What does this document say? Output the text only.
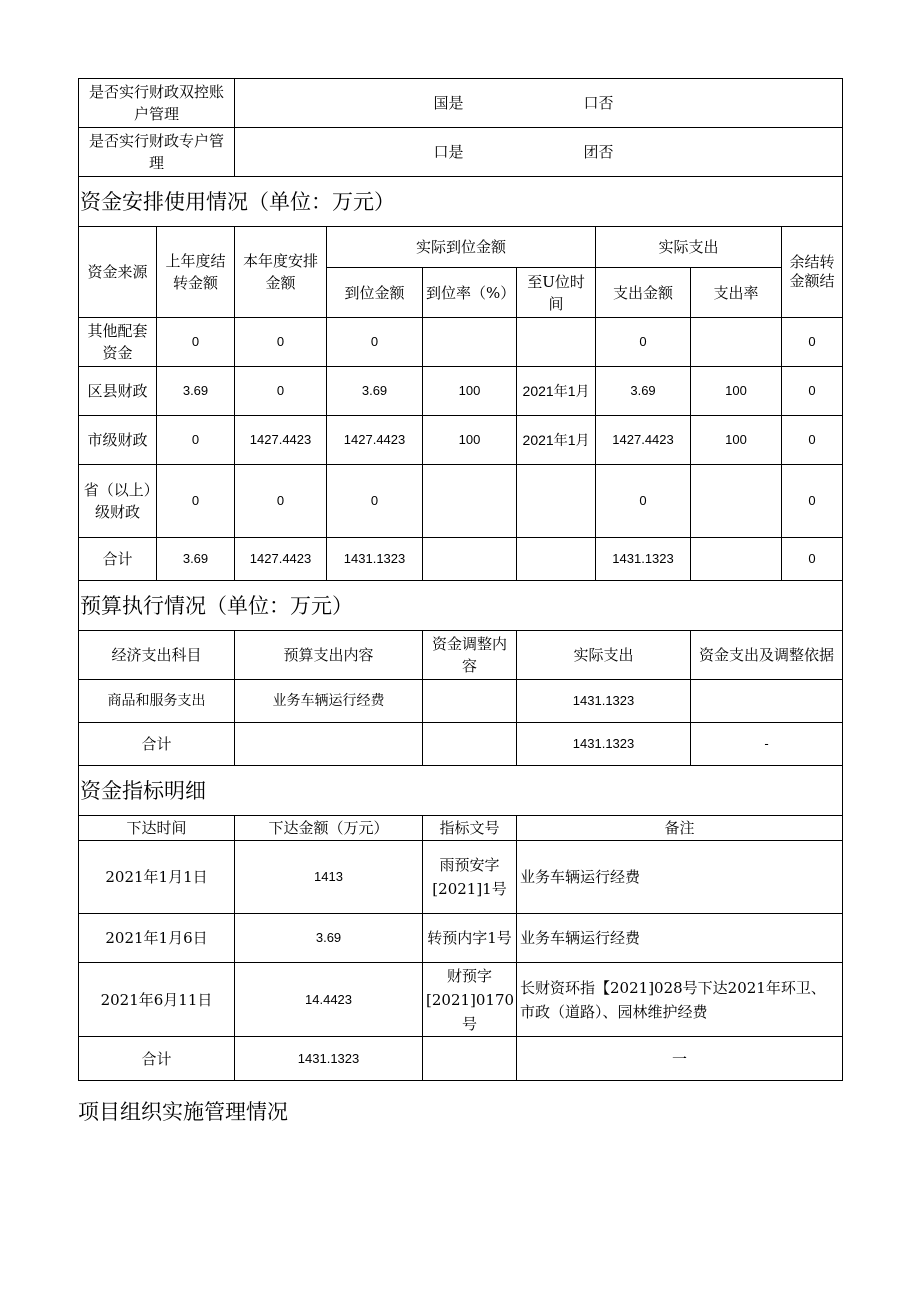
是否实行财政双控账户管理		国是 口否						
是否实行财政专户管理		口是 团否						
资金安排使用情况（单位：万元）								
资金来源	上年度结转金额	本年度安排金额	实际到位金额			实际支出		余结转金额结
			到位金额	到位率（%）	至U位时间	支出金额	支出率	
其他配套资金	0	0	0			0		0
区县财政	3.69	0	3.69	100	2021年1月	3.69	100	0
市级财政	0	1427.4423	1427.4423	100	2021年1月	1427.4423	100	0
省（以上）级财政	0	0	0			0		0
合计	3.69	1427.4423	1431.1323			1431.1323		0
预算执行情况（单位：万元）								
经济支出科目		预算支出内容		资金调整内容	实际支出		资金支出及调整依据	
商品和服务支出		业务车辆运行经费			1431.1323			
合计					1431.1323		-	
资金指标明细								
下达时间		下达金额（万元）		指标文号	备注			
2021年1月1日		1413		雨预安字[2021]1号	业务车辆运行经费			
2021年1月6日		3.69		转预内字1号	业务车辆运行经费			
2021年6月11日		14.4423		财预字[2021]0170号	长财资环指【2021]028号下达2021年环卫、市政（道路）、园林维护经费			
合计		1431.1323			一			
项目组织实施管理情况
